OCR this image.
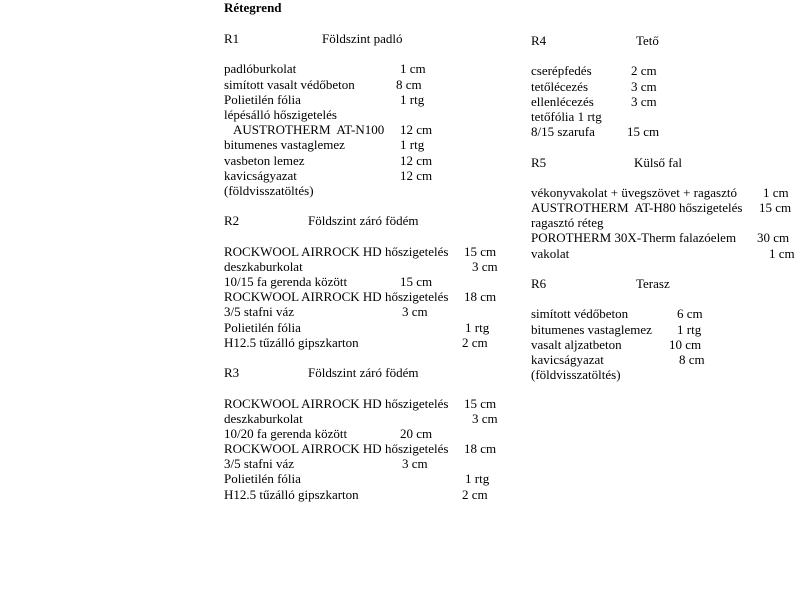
Rétegrend
R1	Földszint padló
padlóburkolat	1 cm
simított vasalt védőbeton	8 cm
Polietilén fólia	1 rtg
lépésálló hőszigetelés
AUSTROTHERM  AT-N100 12 cm
bitumenes vastaglemez	1 rtg
vasbeton lemez	12 cm
kavicságyazat	12 cm
(földvisszatöltés)
R2	Földszint záró födém
ROCKWOOL AIRROCK HD hőszigetelés 15 cm
deszkaburkolat	3 cm
10/15 fa gerenda között	15 cm
ROCKWOOL AIRROCK HD hőszigetelés 18 cm
3/5 stafni váz	3 cm
Polietilén fólia	1 rtg
H12.5 tűzálló gipszkarton	2 cm
R3	Földszint záró födém
ROCKWOOL AIRROCK HD hőszigetelés 15 cm
deszkaburkolat	3 cm
10/20 fa gerenda között	20 cm
ROCKWOOL AIRROCK HD hőszigetelés 18 cm
3/5 stafni váz	3 cm
Polietilén fólia	1 rtg
H12.5 tűzálló gipszkarton	2 cm
R4	Tető
cserépfedés	2 cm
tetőlécezés	3 cm
ellenlécezés	3 cm
tetőfólia 1 rtg
8/15 szarufa 15 cm
R5	Külső fal
vékonyvakolat + üvegszövet + ragasztó 1 cm
AUSTROTHERM  AT-H80 hőszigetelés 15 cm
ragasztó réteg
POROTHERM 30X-Therm falazóelem 30 cm
vakolat	1 cm
R6	Terasz
simított védőbeton	6 cm
bitumenes vastaglemez 1 rtg
vasalt aljzatbeton	10 cm
kavicságyazat	8 cm
(földvisszatöltés)
